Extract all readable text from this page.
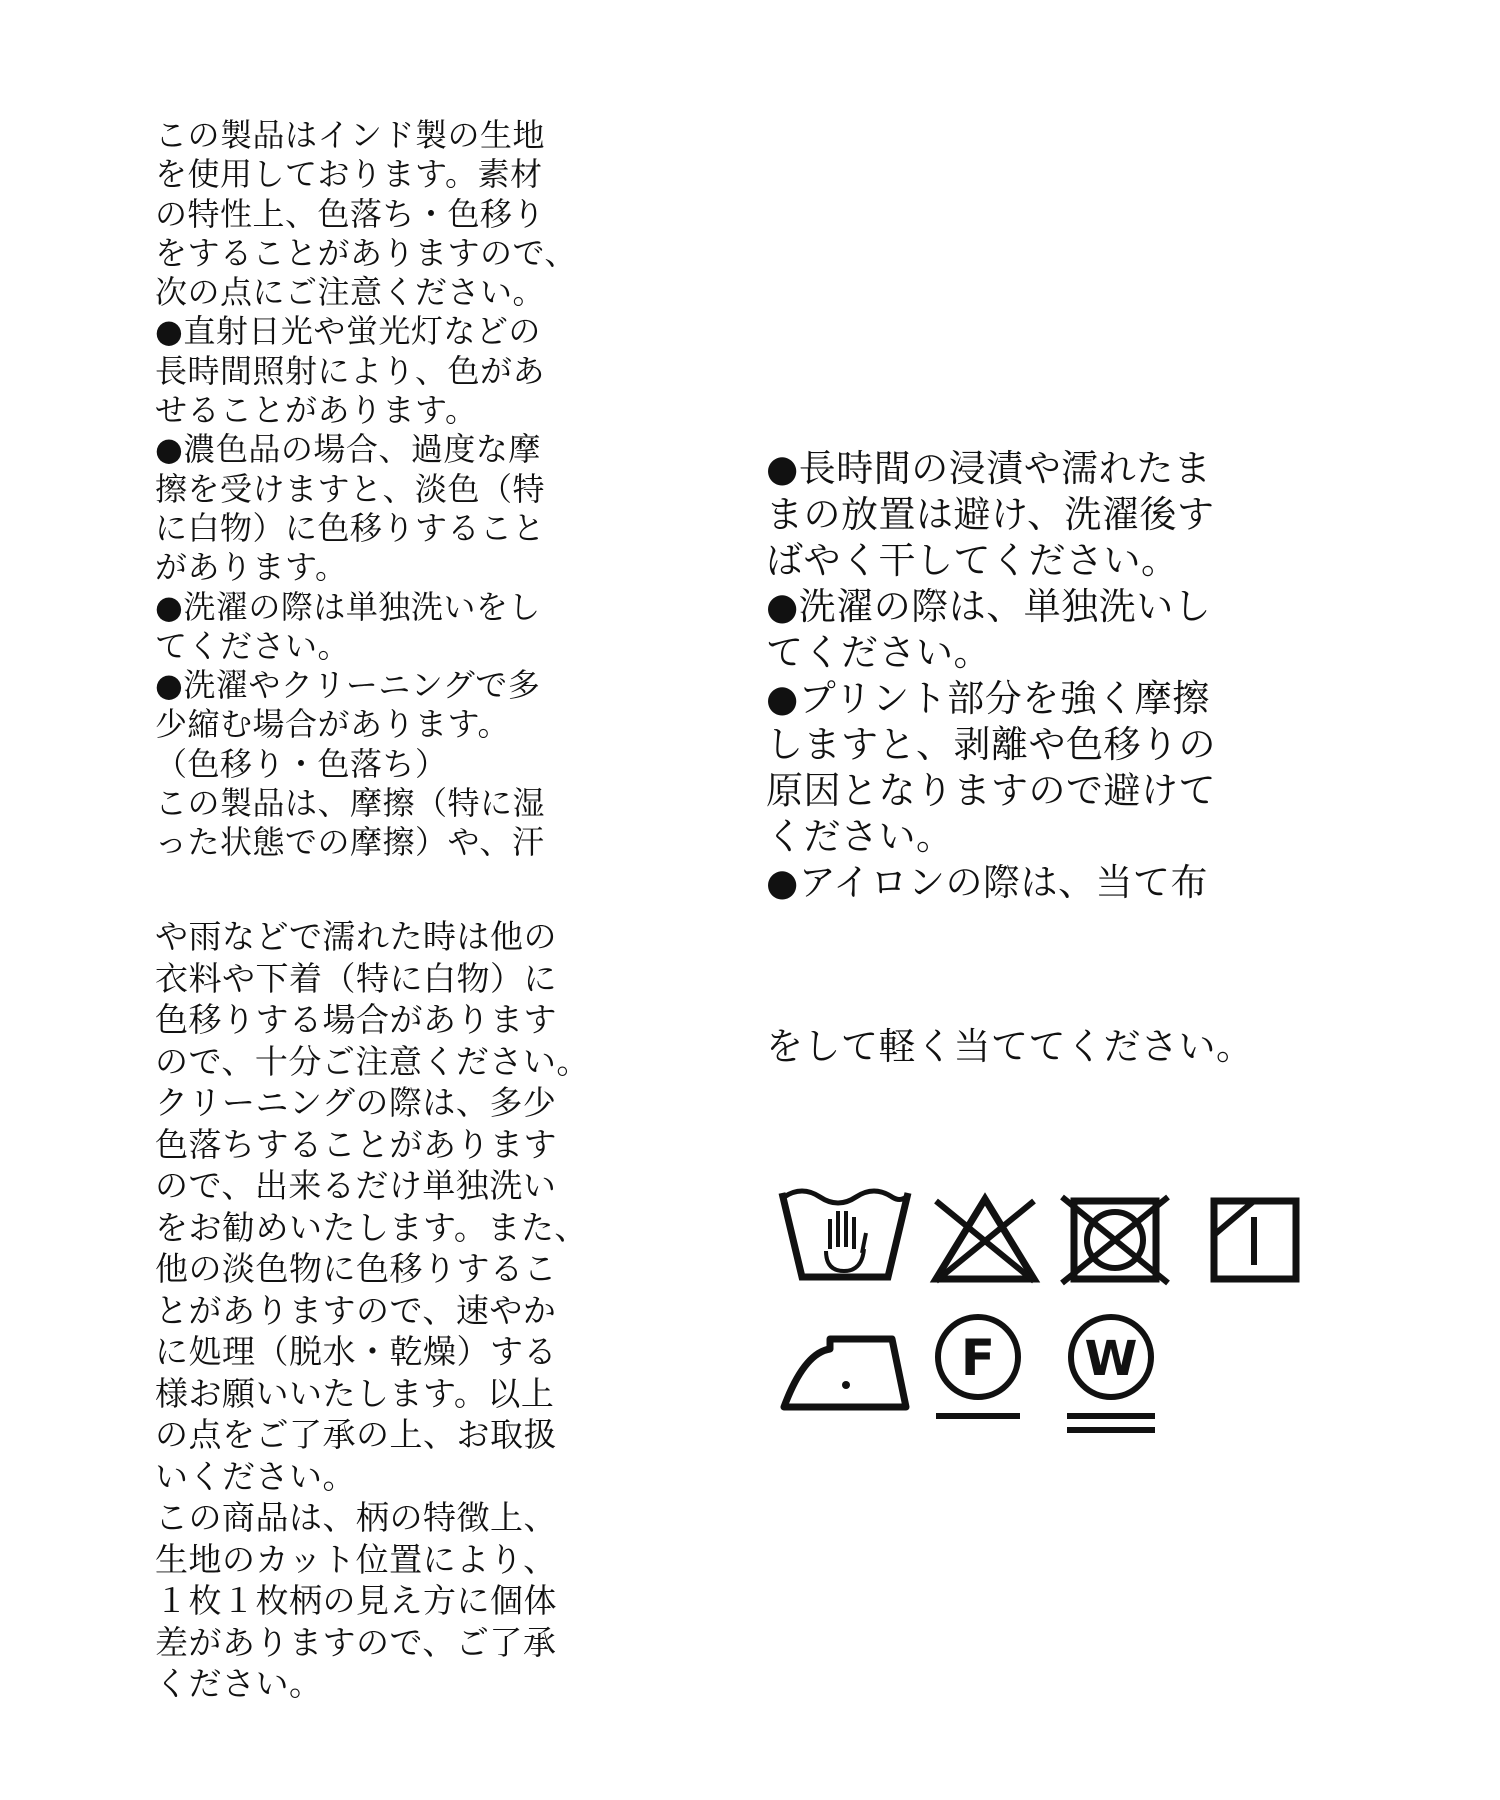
この製品はインド製の生地
を使用しております。素材
の特性上、色落ち・色移り
をすることがありますので、
次の点にご注意ください。
●直射日光や蛍光灯などの
長時間照射により、色があ
せることがあります。
●濃色品の場合、過度な摩
擦を受けますと、淡色（特
に白物）に色移りすること
があります。
●洗濯の際は単独洗いをし
てください。
●洗濯やクリーニングで多
少縮む場合があります。
（色移り・色落ち）
この製品は、摩擦（特に湿
った状態での摩擦）や、汗
や雨などで濡れた時は他の
衣料や下着（特に白物）に
色移りする場合があります
ので、十分ご注意ください。
クリーニングの際は、多少
色落ちすることがあります
ので、出来るだけ単独洗い
をお勧めいたします。また、
他の淡色物に色移りするこ
とがありますので、速やか
に処理（脱水・乾燥）する
様お願いいたします。以上
の点をご了承の上、お取扱
いください。
この商品は、柄の特徴上、
生地のカット位置により、
１枚１枚柄の見え方に個体
差がありますので、ご了承
ください。
●長時間の浸漬や濡れたま
まの放置は避け、洗濯後す
ばやく干してください。
●洗濯の際は、単独洗いし
てください。
●プリント部分を強く摩擦
しますと、剥離や色移りの
原因となりますので避けて
ください。
●アイロンの際は、当て布
をして軽く当ててください。
F W
